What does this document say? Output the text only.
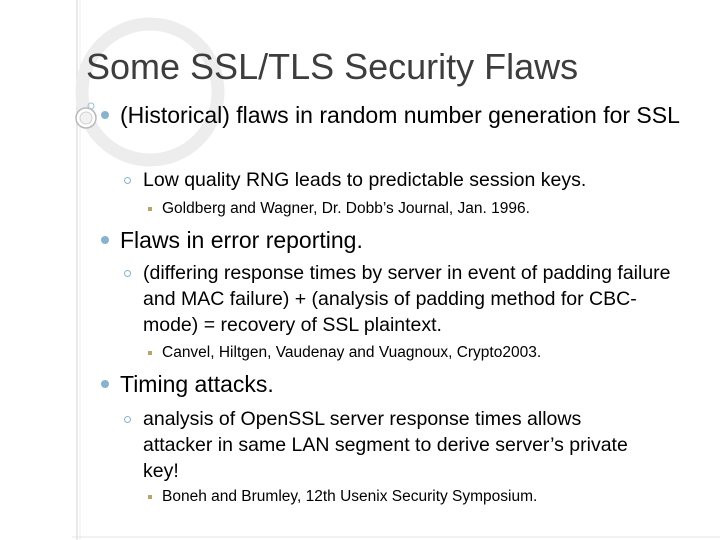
Some SSL/TLS Security Flaws
(Historical) flaws in random number generation for SSL
Low quality RNG leads to predictable session keys.
Goldberg and Wagner, Dr. Dobb’s Journal, Jan. 1996.
Flaws in error reporting.
(differing response times by server in event of padding failure and MAC failure) + (analysis of padding method for CBC-mode) = recovery of SSL plaintext.
Canvel, Hiltgen, Vaudenay and Vuagnoux, Crypto2003.
Timing attacks.
analysis of OpenSSL server response times allows attacker in same LAN segment to derive server’s private key!
Boneh and Brumley, 12th Usenix Security Symposium.
